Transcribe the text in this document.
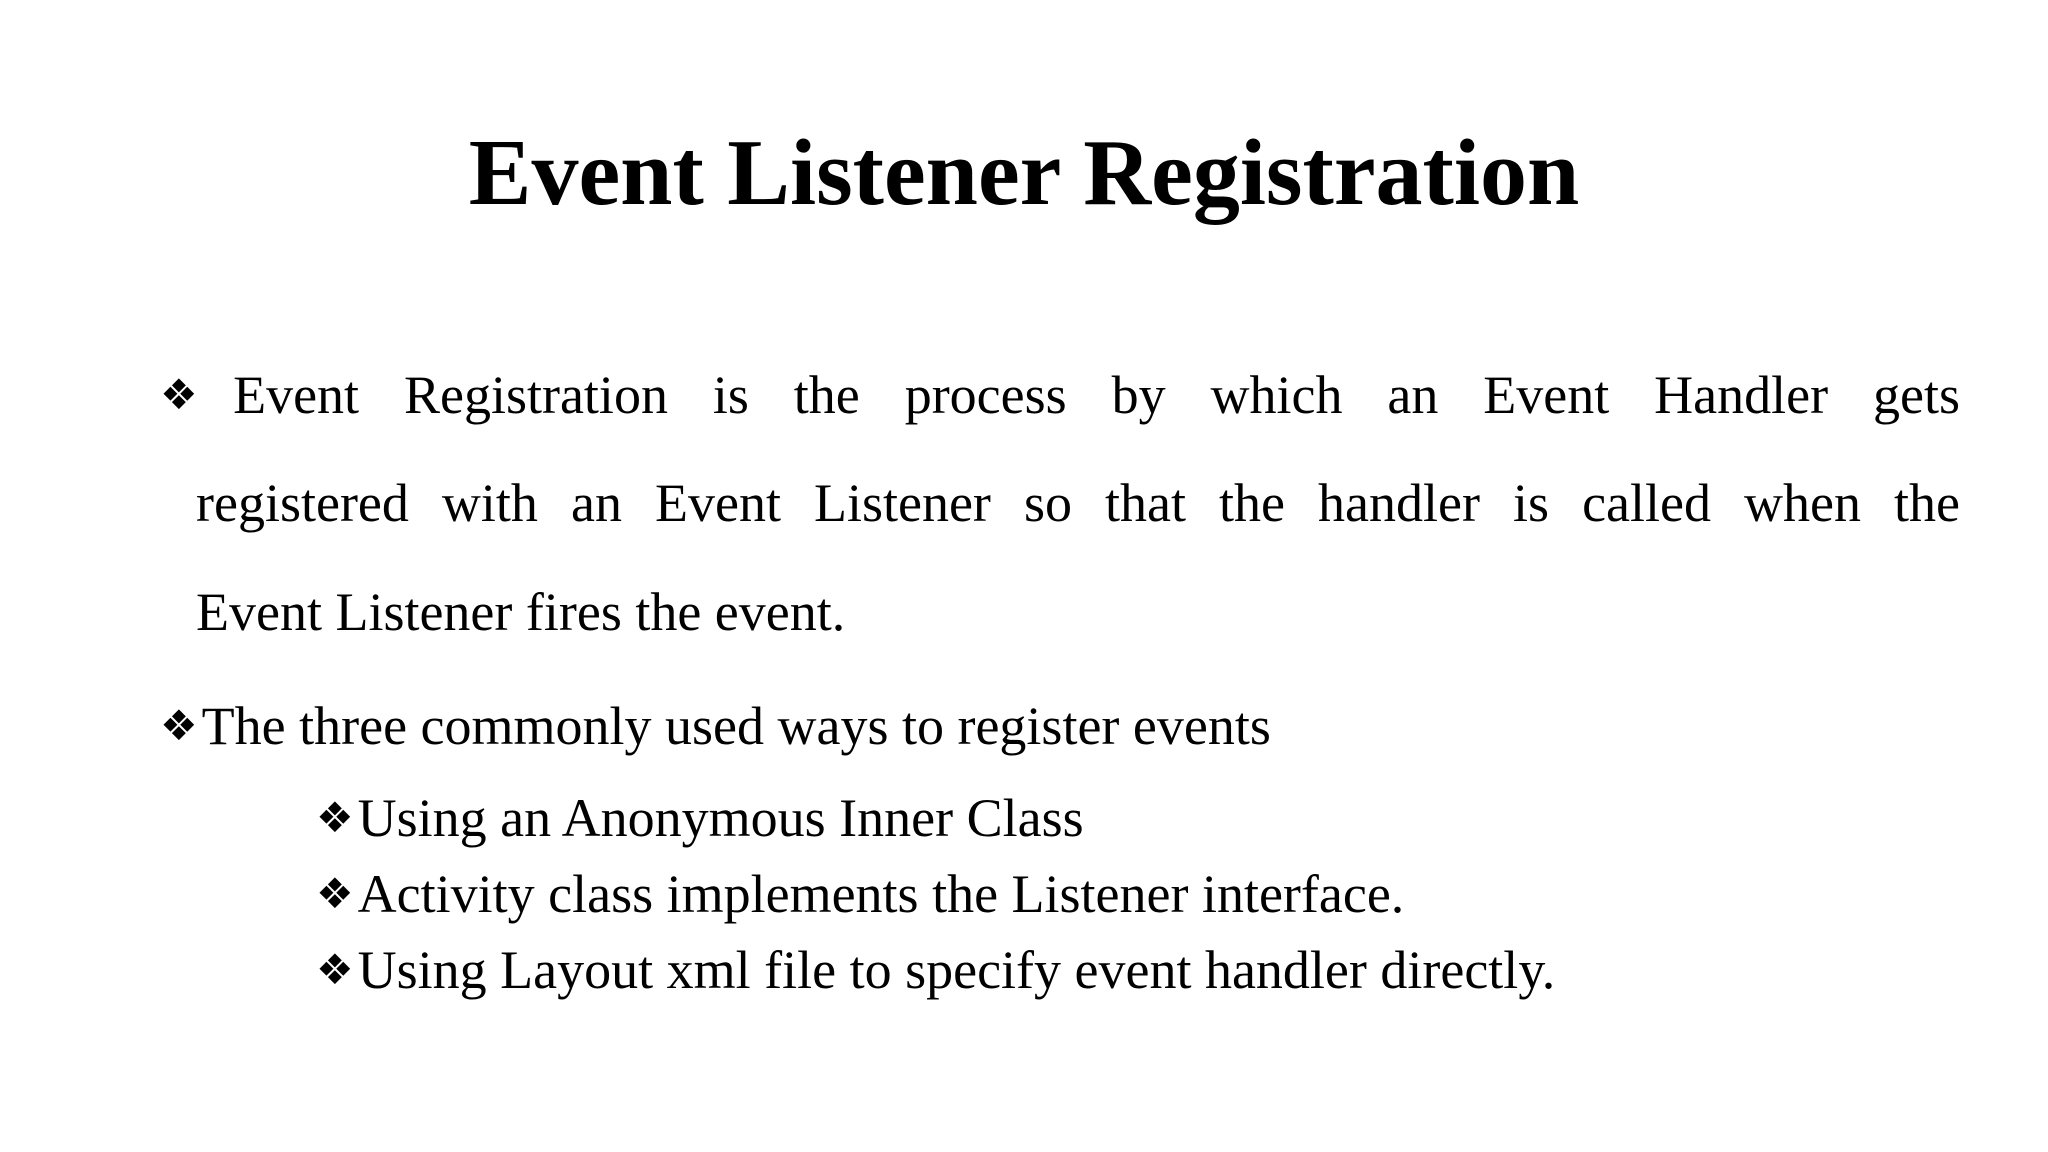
Event Listener Registration
❖Event Registration is the process by which an Event Handler gets
registered with an Event Listener so that the handler is called when the
Event Listener fires the event.
❖The three commonly used ways to register events
❖Using an Anonymous Inner Class
❖Activity class implements the Listener interface.
❖Using Layout xml file to specify event handler directly.
